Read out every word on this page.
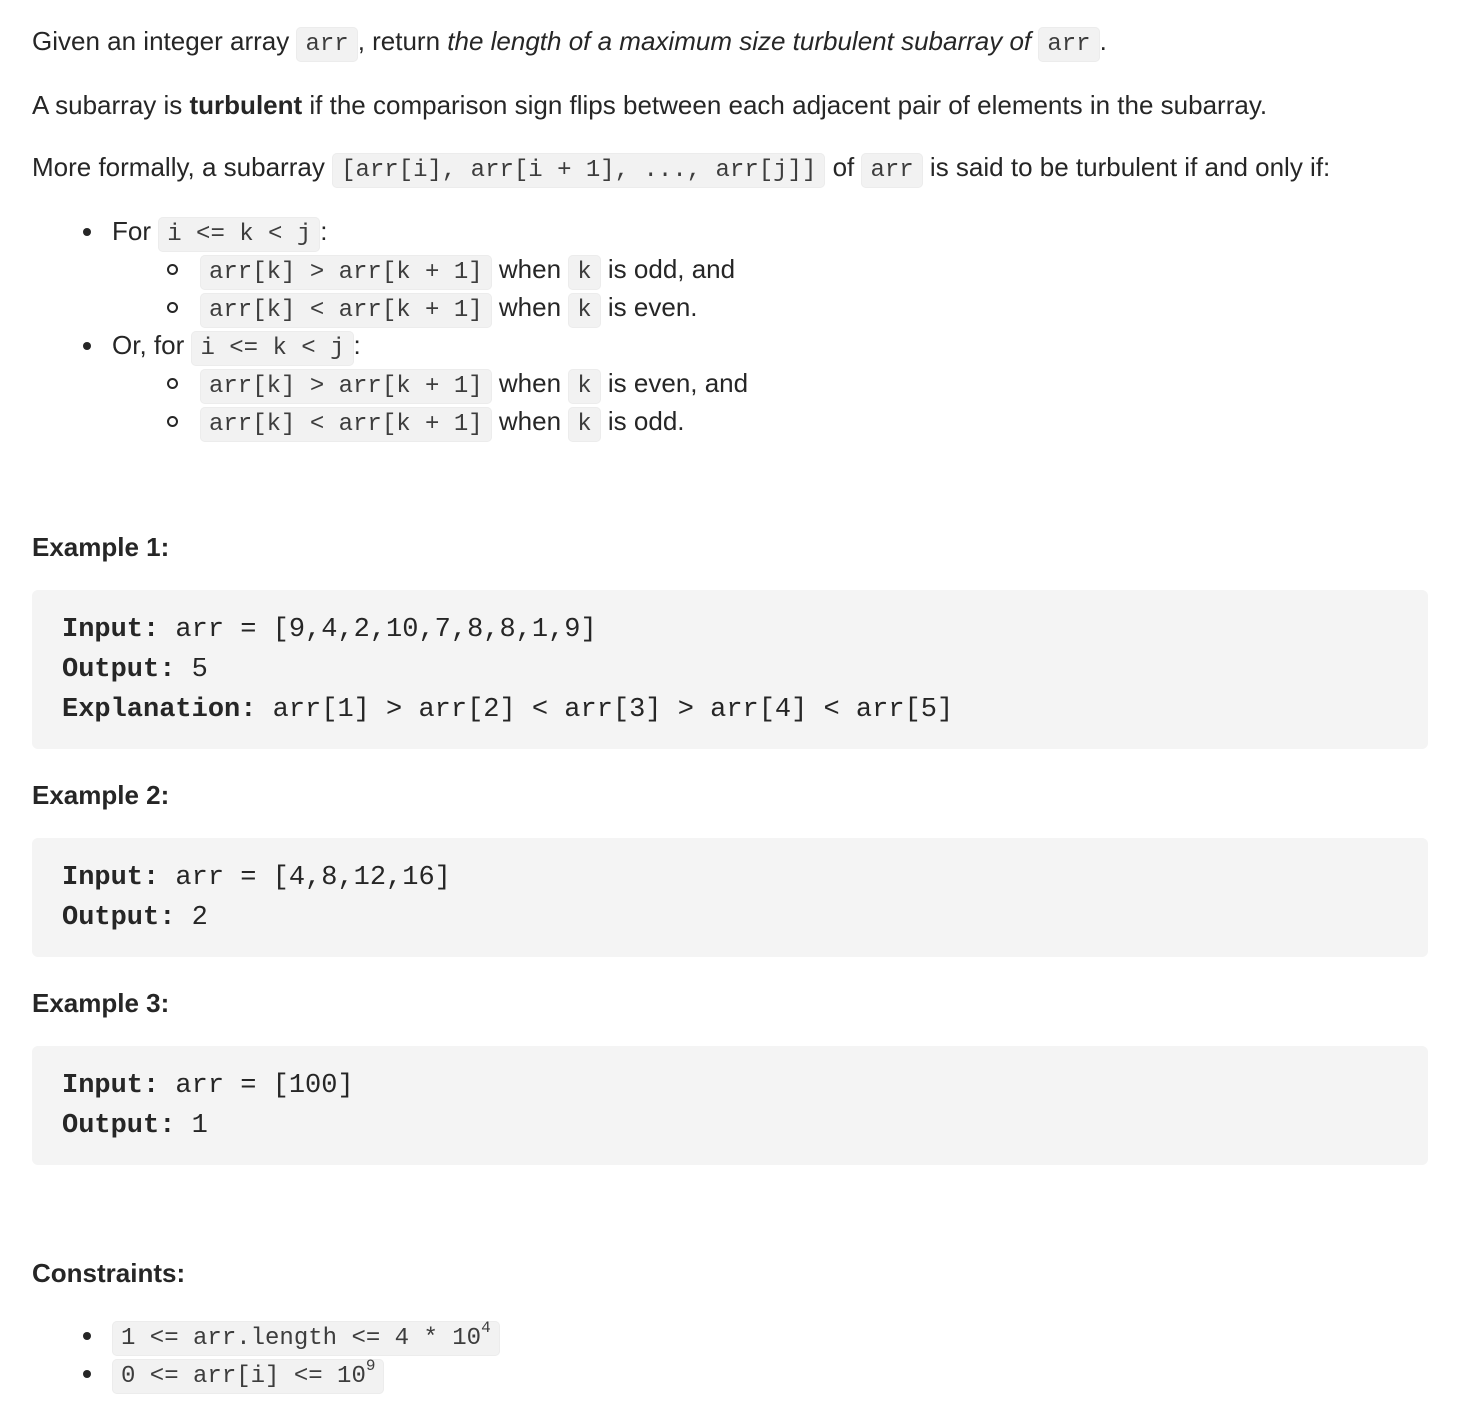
Given an integer array arr , return the length of a maximum size turbulent subarray of arr .

A subarray is turbulent if the comparison sign flips between each adjacent pair of elements in the subarray.

More formally, a subarray [arr[i], arr[i + 1], ..., arr[j]] of arr is said to be turbulent if and only if:

For i <= k < j :
arr[k] > arr[k + 1] when k is odd, and
arr[k] < arr[k + 1] when k is even.
Or, for i <= k < j :
arr[k] > arr[k + 1] when k is even, and
arr[k] < arr[k + 1] when k is odd.
Example 1:
Input: arr = [9,4,2,10,7,8,8,1,9]
Output: 5
Explanation: arr[1] > arr[2] < arr[3] > arr[4] < arr[5]
Example 2:
Input: arr = [4,8,12,16]
Output: 2
Example 3:
Input: arr = [100]
Output: 1
Constraints:
1 <= arr.length <= $4 * 10^4$
$0 <= arr[i] <= 10^9$
